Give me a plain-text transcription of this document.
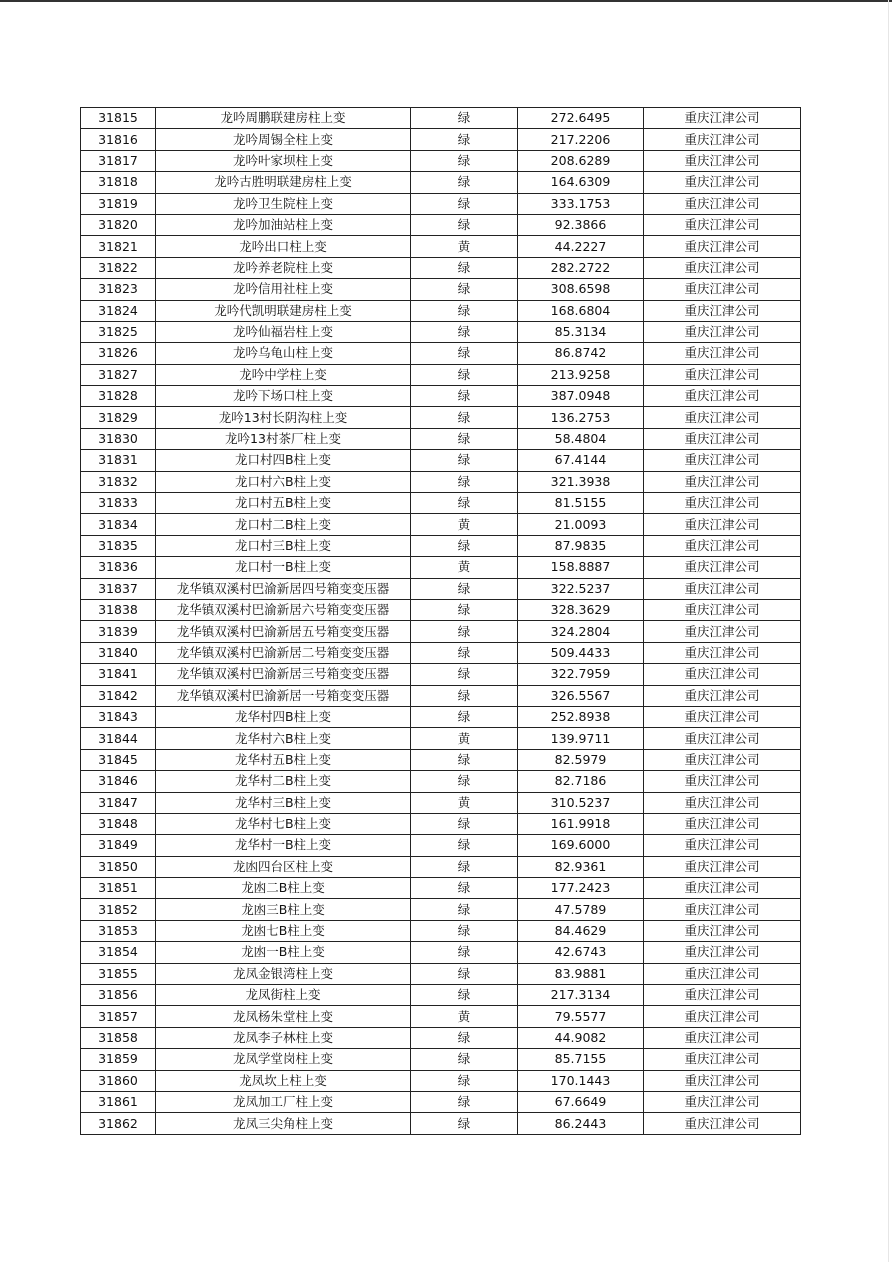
31815	龙吟周鹏联建房柱上变	绿	272.6495	重庆江津公司
31816	龙吟周锡全柱上变	绿	217.2206	重庆江津公司
31817	龙吟叶家坝柱上变	绿	208.6289	重庆江津公司
31818	龙吟古胜明联建房柱上变	绿	164.6309	重庆江津公司
31819	龙吟卫生院柱上变	绿	333.1753	重庆江津公司
31820	龙吟加油站柱上变	绿	92.3866	重庆江津公司
31821	龙吟出口柱上变	黄	44.2227	重庆江津公司
31822	龙吟养老院柱上变	绿	282.2722	重庆江津公司
31823	龙吟信用社柱上变	绿	308.6598	重庆江津公司
31824	龙吟代凯明联建房柱上变	绿	168.6804	重庆江津公司
31825	龙吟仙福岩柱上变	绿	85.3134	重庆江津公司
31826	龙吟乌龟山柱上变	绿	86.8742	重庆江津公司
31827	龙吟中学柱上变	绿	213.9258	重庆江津公司
31828	龙吟下场口柱上变	绿	387.0948	重庆江津公司
31829	龙吟13村长阴沟柱上变	绿	136.2753	重庆江津公司
31830	龙吟13村茶厂柱上变	绿	58.4804	重庆江津公司
31831	龙口村四B柱上变	绿	67.4144	重庆江津公司
31832	龙口村六B柱上变	绿	321.3938	重庆江津公司
31833	龙口村五B柱上变	绿	81.5155	重庆江津公司
31834	龙口村二B柱上变	黄	21.0093	重庆江津公司
31835	龙口村三B柱上变	绿	87.9835	重庆江津公司
31836	龙口村一B柱上变	黄	158.8887	重庆江津公司
31837	龙华镇双溪村巴渝新居四号箱变变压器	绿	322.5237	重庆江津公司
31838	龙华镇双溪村巴渝新居六号箱变变压器	绿	328.3629	重庆江津公司
31839	龙华镇双溪村巴渝新居五号箱变变压器	绿	324.2804	重庆江津公司
31840	龙华镇双溪村巴渝新居二号箱变变压器	绿	509.4433	重庆江津公司
31841	龙华镇双溪村巴渝新居三号箱变变压器	绿	322.7959	重庆江津公司
31842	龙华镇双溪村巴渝新居一号箱变变压器	绿	326.5567	重庆江津公司
31843	龙华村四B柱上变	绿	252.8938	重庆江津公司
31844	龙华村六B柱上变	黄	139.9711	重庆江津公司
31845	龙华村五B柱上变	绿	82.5979	重庆江津公司
31846	龙华村二B柱上变	绿	82.7186	重庆江津公司
31847	龙华村三B柱上变	黄	310.5237	重庆江津公司
31848	龙华村七B柱上变	绿	161.9918	重庆江津公司
31849	龙华村一B柱上变	绿	169.6000	重庆江津公司
31850	龙凼四台区柱上变	绿	82.9361	重庆江津公司
31851	龙凼二B柱上变	绿	177.2423	重庆江津公司
31852	龙凼三B柱上变	绿	47.5789	重庆江津公司
31853	龙凼七B柱上变	绿	84.4629	重庆江津公司
31854	龙凼一B柱上变	绿	42.6743	重庆江津公司
31855	龙凤金银湾柱上变	绿	83.9881	重庆江津公司
31856	龙凤街柱上变	绿	217.3134	重庆江津公司
31857	龙凤杨朱堂柱上变	黄	79.5577	重庆江津公司
31858	龙凤李子林柱上变	绿	44.9082	重庆江津公司
31859	龙凤学堂岗柱上变	绿	85.7155	重庆江津公司
31860	龙凤坎上柱上变	绿	170.1443	重庆江津公司
31861	龙凤加工厂柱上变	绿	67.6649	重庆江津公司
31862	龙凤三尖角柱上变	绿	86.2443	重庆江津公司
